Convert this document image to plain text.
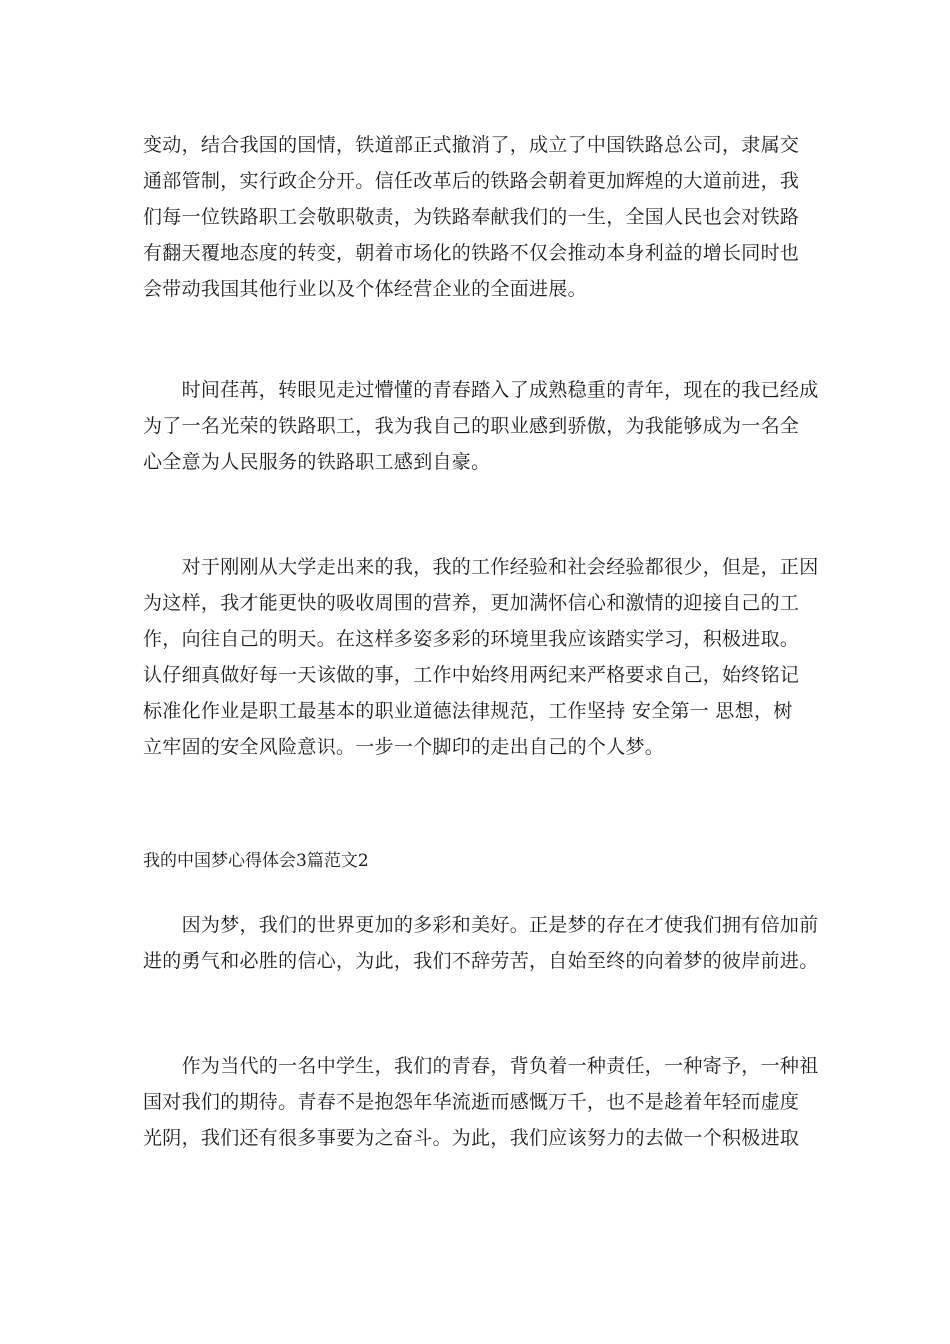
变动，结合我国的国情，铁道部正式撤消了，成立了中国铁路总公司，隶属交
通部管制，实行政企分开。信任改革后的铁路会朝着更加辉煌的大道前进，我
们每一位铁路职工会敬职敬责，为铁路奉献我们的一生，全国人民也会对铁路
有翻天覆地态度的转变，朝着市场化的铁路不仅会推动本身利益的增长同时也
会带动我国其他行业以及个体经营企业的全面进展。
　　时间荏苒，转眼见走过懵懂的青春踏入了成熟稳重的青年，现在的我已经成
为了一名光荣的铁路职工，我为我自己的职业感到骄傲，为我能够成为一名全
心全意为人民服务的铁路职工感到自豪。
　　对于刚刚从大学走出来的我，我的工作经验和社会经验都很少，但是，正因
为这样，我才能更快的吸收周围的营养，更加满怀信心和激情的迎接自己的工
作，向往自己的明天。在这样多姿多彩的环境里我应该踏实学习，积极进取。
认仔细真做好每一天该做的事，工作中始终用两纪来严格要求自己，始终铭记
标准化作业是职工最基本的职业道德法律规范，工作坚持 安全第一 思想，树
立牢固的安全风险意识。一步一个脚印的走出自己的个人梦。
我的中国梦心得体会3篇范文2
　　因为梦，我们的世界更加的多彩和美好。正是梦的存在才使我们拥有倍加前
进的勇气和必胜的信心，为此，我们不辞劳苦，自始至终的向着梦的彼岸前进。
　　作为当代的一名中学生，我们的青春，背负着一种责任，一种寄予，一种祖
国对我们的期待。青春不是抱怨年华流逝而感慨万千，也不是趁着年轻而虚度
光阴，我们还有很多事要为之奋斗。为此，我们应该努力的去做一个积极进取
